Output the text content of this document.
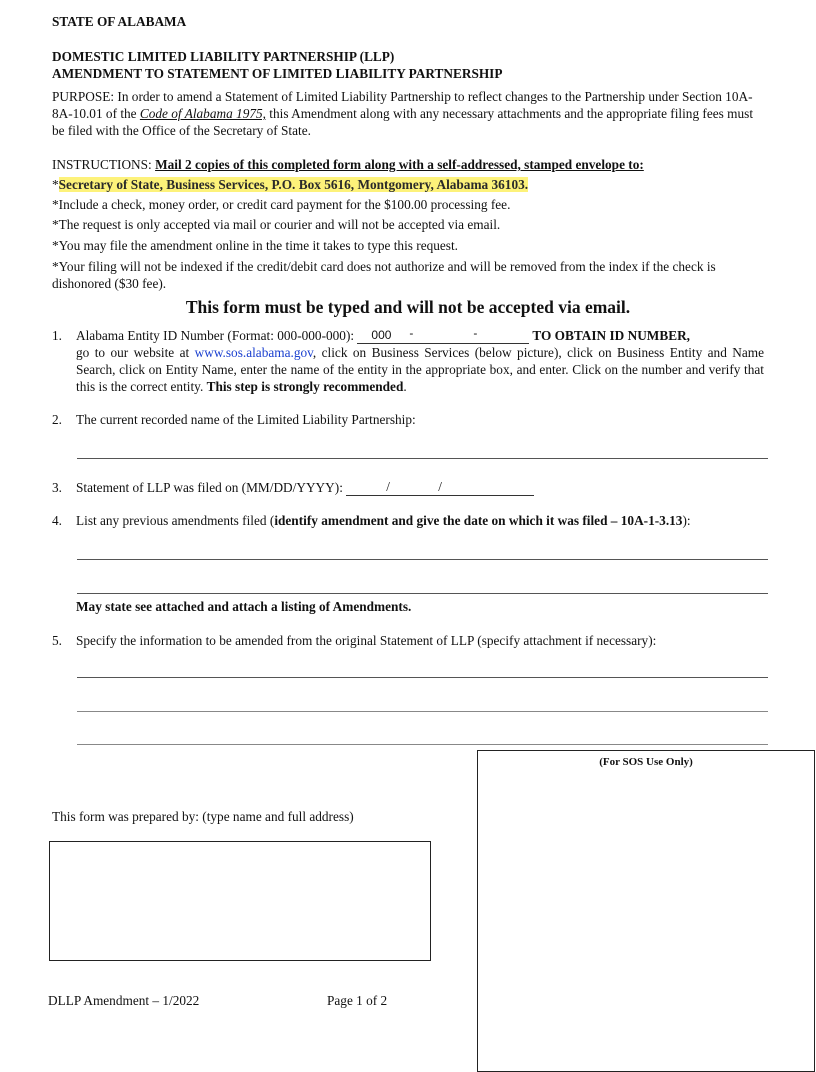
STATE OF ALABAMA
DOMESTIC LIMITED LIABILITY PARTNERSHIP (LLP)
AMENDMENT TO STATEMENT OF LIMITED LIABILITY PARTNERSHIP
PURPOSE: In order to amend a Statement of Limited Liability Partnership to reflect changes to the Partnership under Section 10A-8A-10.01 of the Code of Alabama 1975, this Amendment along with any necessary attachments and the appropriate filing fees must be filed with the Office of the Secretary of State.
INSTRUCTIONS: Mail 2 copies of this completed form along with a self-addressed, stamped envelope to:
*Secretary of State, Business Services, P.O. Box 5616, Montgomery, Alabama 36103.
*Include a check, money order, or credit card payment for the $100.00 processing fee.
*The request is only accepted via mail or courier and will not be accepted via email.
*You may file the amendment online in the time it takes to type this request.
*Your filing will not be indexed if the credit/debit card does not authorize and will be removed from the index if the check is dishonored ($30 fee).
This form must be typed and will not be accepted via email.
1. Alabama Entity ID Number (Format: 000-000-000): 000 -	-	TO OBTAIN ID NUMBER,
go to our website at www.sos.alabama.gov, click on Business Services (below picture), click on Business Entity and Name Search, click on Entity Name, enter the name of the entity in the appropriate box, and enter. Click on the number and verify that this is the correct entity. This step is strongly recommended.
2. The current recorded name of the Limited Liability Partnership:
3. Statement of LLP was filed on (MM/DD/YYYY):	/	/
4. List any previous amendments filed (identify amendment and give the date on which it was filed – 10A-1-3.13):
May state see attached and attach a listing of Amendments.
5. Specify the information to be amended from the original Statement of LLP (specify attachment if necessary):
(For SOS Use Only)
This form was prepared by: (type name and full address)
DLLP Amendment – 1/2022	Page 1 of 2
